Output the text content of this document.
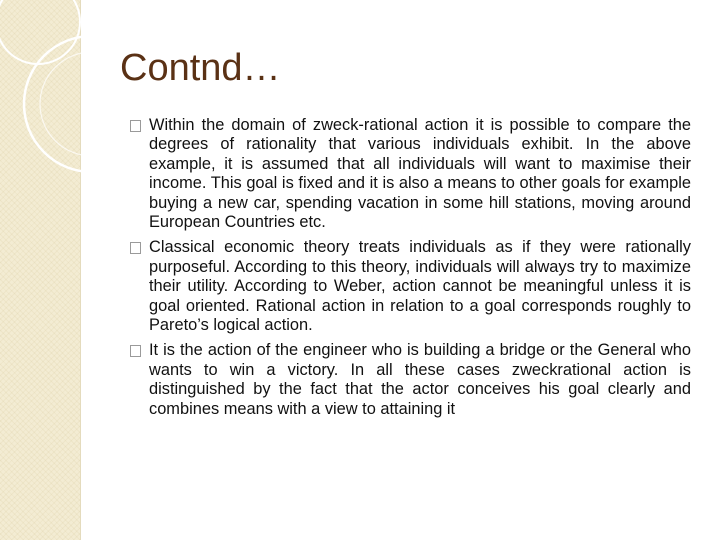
Contnd…
Within the domain of zweck-rational action it is possible to compare the degrees of rationality that various individuals exhibit. In the above example, it is assumed that all individuals will want to maximise their income. This goal is fixed and it is also a means to other goals for example buying a new car, spending vacation in some hill stations, moving around European Countries etc.
Classical economic theory treats individuals as if they were rationally purposeful. According to this theory, individuals will always try to maximize their utility. According to Weber, action cannot be meaningful unless it is goal oriented. Rational action in relation to a goal corresponds roughly to Pareto’s logical action.
It is the action of the engineer who is building a bridge or the General who wants to win a victory. In all these cases zweckrational action is distinguished by the fact that the actor conceives his goal clearly and combines means with a view to attaining it
